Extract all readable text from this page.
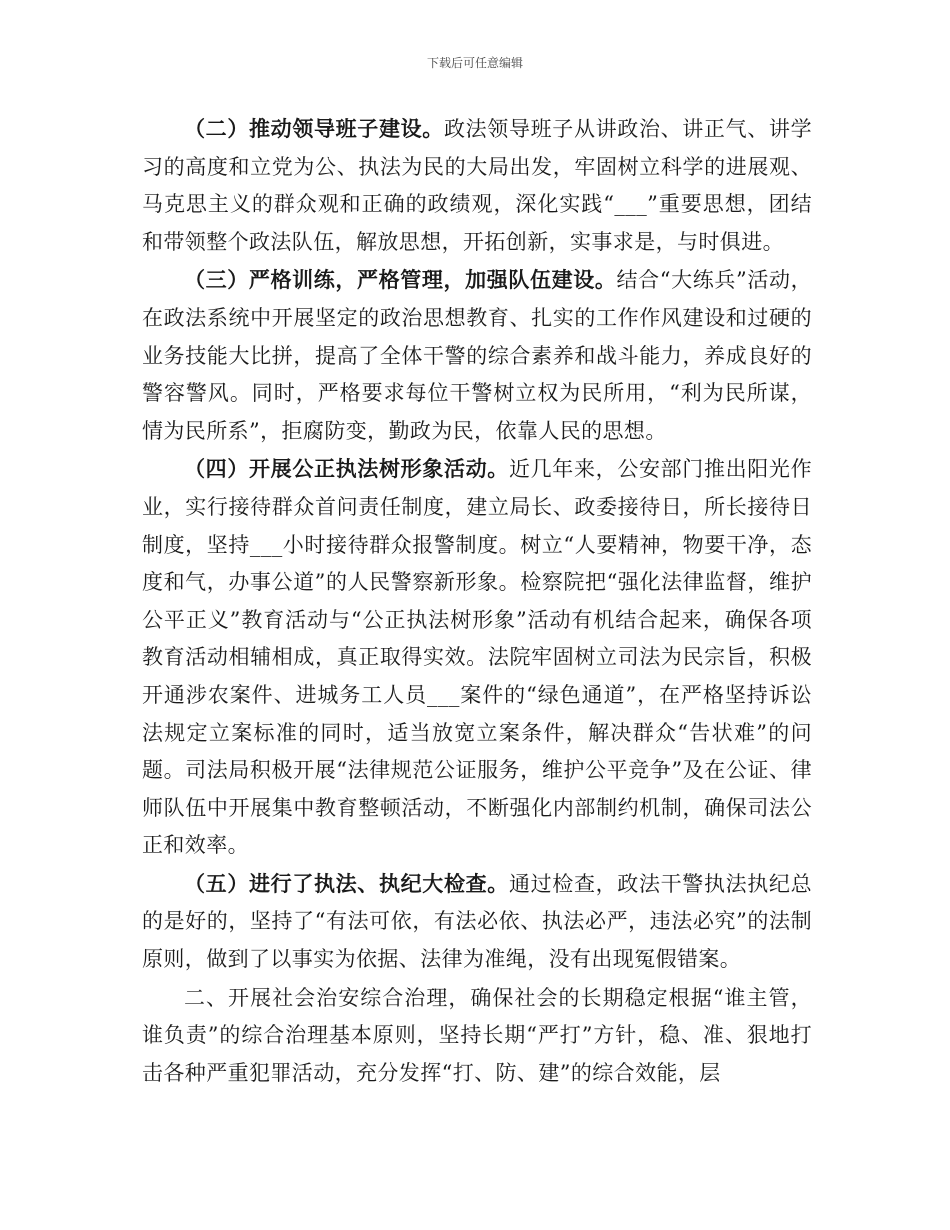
下载后可任意编辑

（二）推动领导班子建设。政法领导班子从讲政治、讲正气、讲学习的高度和立党为公、执法为民的大局出发，牢固树立科学的进展观、马克思主义的群众观和正确的政绩观，深化实践“___”重要思想，团结和带领整个政法队伍，解放思想，开拓创新，实事求是，与时俱进。

（三）严格训练，严格管理，加强队伍建设。结合“大练兵”活动，在政法系统中开展坚定的政治思想教育、扎实的工作作风建设和过硬的业务技能大比拼，提高了全体干警的综合素养和战斗能力，养成良好的警容警风。同时，严格要求每位干警树立权为民所用，“利为民所谋，情为民所系”，拒腐防变，勤政为民，依靠人民的思想。

（四）开展公正执法树形象活动。近几年来，公安部门推出阳光作业，实行接待群众首问责任制度，建立局长、政委接待日，所长接待日制度，坚持___小时接待群众报警制度。树立“人要精神，物要干净，态度和气，办事公道”的人民警察新形象。检察院把“强化法律监督，维护公平正义”教育活动与“公正执法树形象”活动有机结合起来，确保各项教育活动相辅相成，真正取得实效。法院牢固树立司法为民宗旨，积极开通涉农案件、进城务工人员___案件的“绿色通道”，在严格坚持诉讼法规定立案标准的同时，适当放宽立案条件，解决群众“告状难”的问题。司法局积极开展“法律规范公证服务，维护公平竞争”及在公证、律师队伍中开展集中教育整顿活动，不断强化内部制约机制，确保司法公正和效率。

（五）进行了执法、执纪大检查。通过检查，政法干警执法执纪总的是好的，坚持了“有法可依，有法必依、执法必严，违法必究”的法制原则，做到了以事实为依据、法律为准绳，没有出现冤假错案。

二、开展社会治安综合治理，确保社会的长期稳定根据“谁主管，谁负责”的综合治理基本原则，坚持长期“严打”方针，稳、准、狠地打击各种严重犯罪活动，充分发挥“打、防、建”的综合效能，层
